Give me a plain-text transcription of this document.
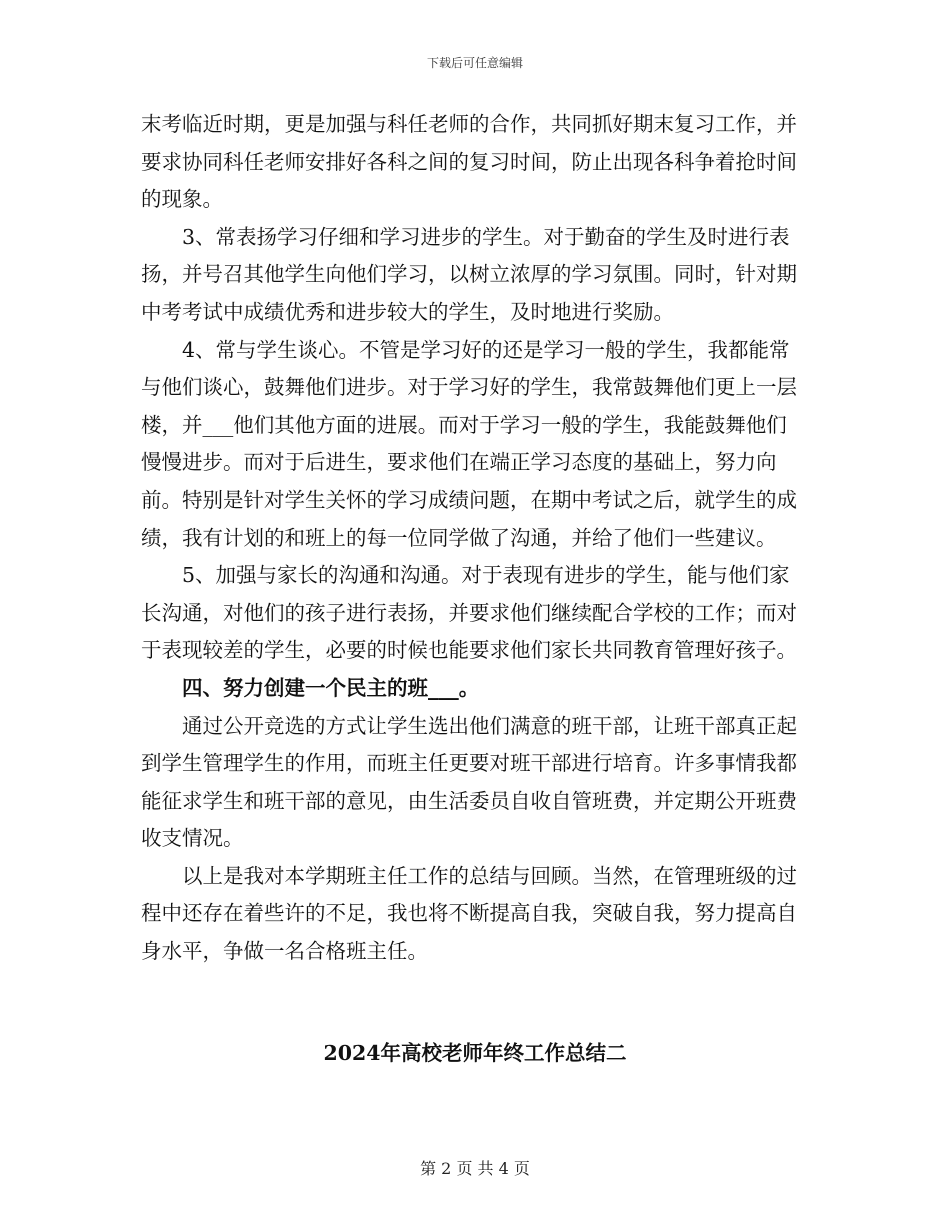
下载后可任意编辑

末考临近时期，更是加强与科任老师的合作，共同抓好期末复习工作，并要求协同科任老师安排好各科之间的复习时间，防止出现各科争着抢时间的现象。

3、常表扬学习仔细和学习进步的学生。对于勤奋的学生及时进行表扬，并号召其他学生向他们学习，以树立浓厚的学习氛围。同时，针对期中考考试中成绩优秀和进步较大的学生，及时地进行奖励。

4、常与学生谈心。不管是学习好的还是学习一般的学生，我都能常与他们谈心，鼓舞他们进步。对于学习好的学生，我常鼓舞他们更上一层楼，并___他们其他方面的进展。而对于学习一般的学生，我能鼓舞他们慢慢进步。而对于后进生，要求他们在端正学习态度的基础上，努力向前。特别是针对学生关怀的学习成绩问题，在期中考试之后，就学生的成绩，我有计划的和班上的每一位同学做了沟通，并给了他们一些建议。

5、加强与家长的沟通和沟通。对于表现有进步的学生，能与他们家长沟通，对他们的孩子进行表扬，并要求他们继续配合学校的工作；而对于表现较差的学生，必要的时候也能要求他们家长共同教育管理好孩子。

四、努力创建一个民主的班___。

通过公开竞选的方式让学生选出他们满意的班干部，让班干部真正起到学生管理学生的作用，而班主任更要对班干部进行培育。许多事情我都能征求学生和班干部的意见，由生活委员自收自管班费，并定期公开班费收支情况。

以上是我对本学期班主任工作的总结与回顾。当然，在管理班级的过程中还存在着些许的不足，我也将不断提高自我，突破自我，努力提高自身水平，争做一名合格班主任。

2024年高校老师年终工作总结二
第 2 页 共 4 页
